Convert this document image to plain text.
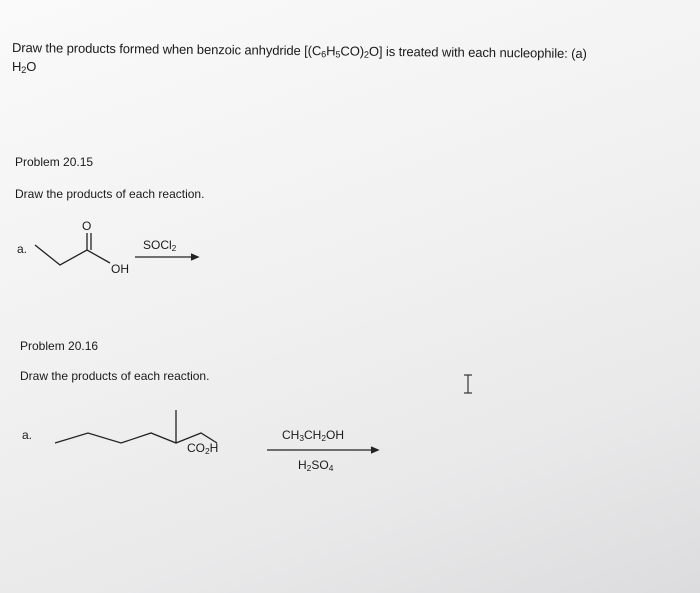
Draw the products formed when benzoic anhydride $[(C_6H_5CO)_2O]$ is treated with each nucleophile: (a)
$H_2O$
Problem 20.15
Draw the products of each reaction.
a.
O
OH
SOCl$_2$
Problem 20.16
Draw the products of each reaction.
a.
$CO_2H$
$CH_3CH_2OH$
$H_2SO_4$
